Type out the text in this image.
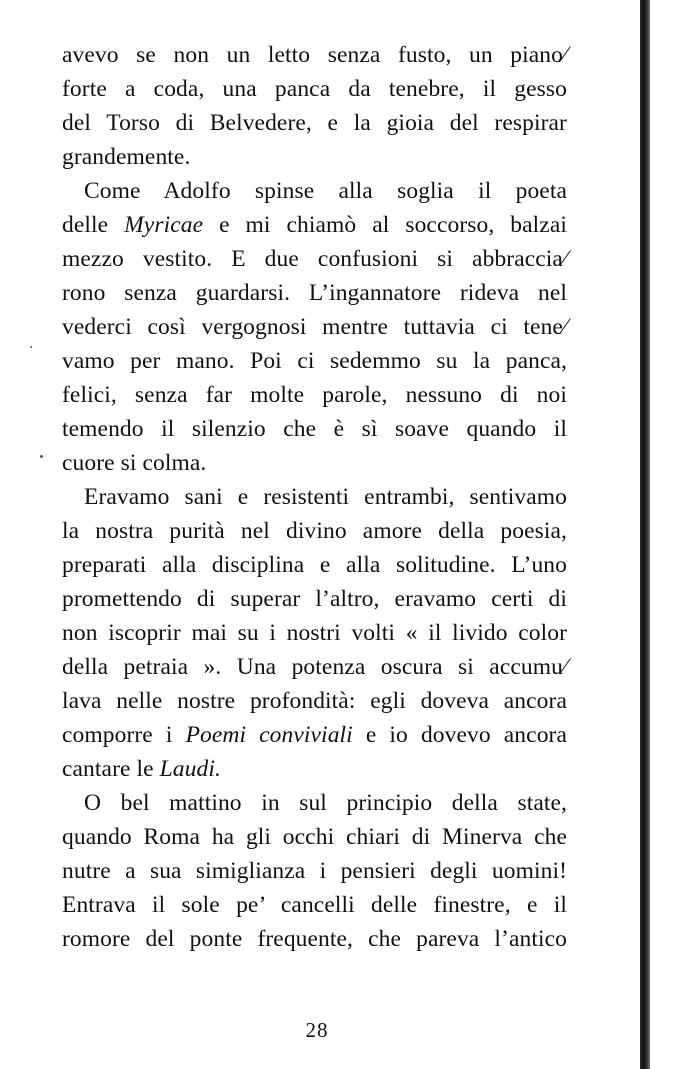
avevo se non un letto senza fusto, un piano⁄
forte a coda, una panca da tenebre, il gesso
del Torso di Belvedere, e la gioia del respirar
grandemente.
Come Adolfo spinse alla soglia il poeta
delle Myricae e mi chiamò al soccorso, balzai
mezzo vestito. E due confusioni si abbraccia⁄
rono senza guardarsi. L’ingannatore rideva nel
vederci così vergognosi mentre tuttavia ci tene⁄
vamo per mano. Poi ci sedemmo su la panca,
felici, senza far molte parole, nessuno di noi
temendo il silenzio che è sì soave quando il
cuore si colma.
Eravamo sani e resistenti entrambi, sentivamo
la nostra purità nel divino amore della poesia,
preparati alla disciplina e alla solitudine. L’uno
promettendo di superar l’altro, eravamo certi di
non iscoprir mai su i nostri volti « il livido color
della petraia ». Una potenza oscura si accumu⁄
lava nelle nostre profondità: egli doveva ancora
comporre i Poemi conviviali e io dovevo ancora
cantare le Laudi.
O bel mattino in sul principio della state,
quando Roma ha gli occhi chiari di Minerva che
nutre a sua simiglianza i pensieri degli uomini!
Entrava il sole pe’ cancelli delle finestre, e il
romore del ponte frequente, che pareva l’antico
28
